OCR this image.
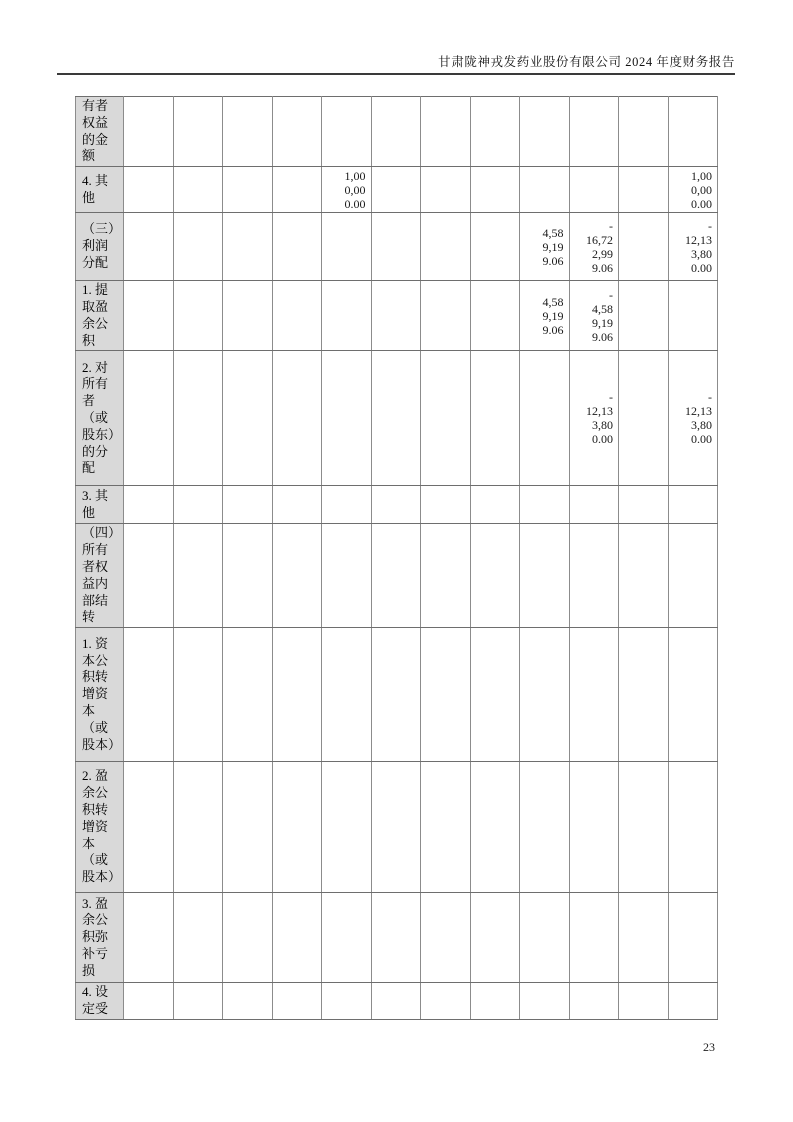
甘肃陇神戎发药业股份有限公司 2024 年度财务报告
有者权益的金额												
4. 其他					1,000,000.00							1,000,000.00
（三）利润分配									4,589,199.06	-16,722,999.06		-12,133,800.00
1. 提取盈余公积									4,589,199.06	-4,589,199.06		
2. 对所有者（或股东）的分配										-12,133,800.00		-12,133,800.00
3. 其他												
（四）所有者权益内部结转												
1. 资本公积转增资本（或股本）												
2. 盈余公积转增资本（或股本）												
3. 盈余公积弥补亏损												
4. 设定受												
23
